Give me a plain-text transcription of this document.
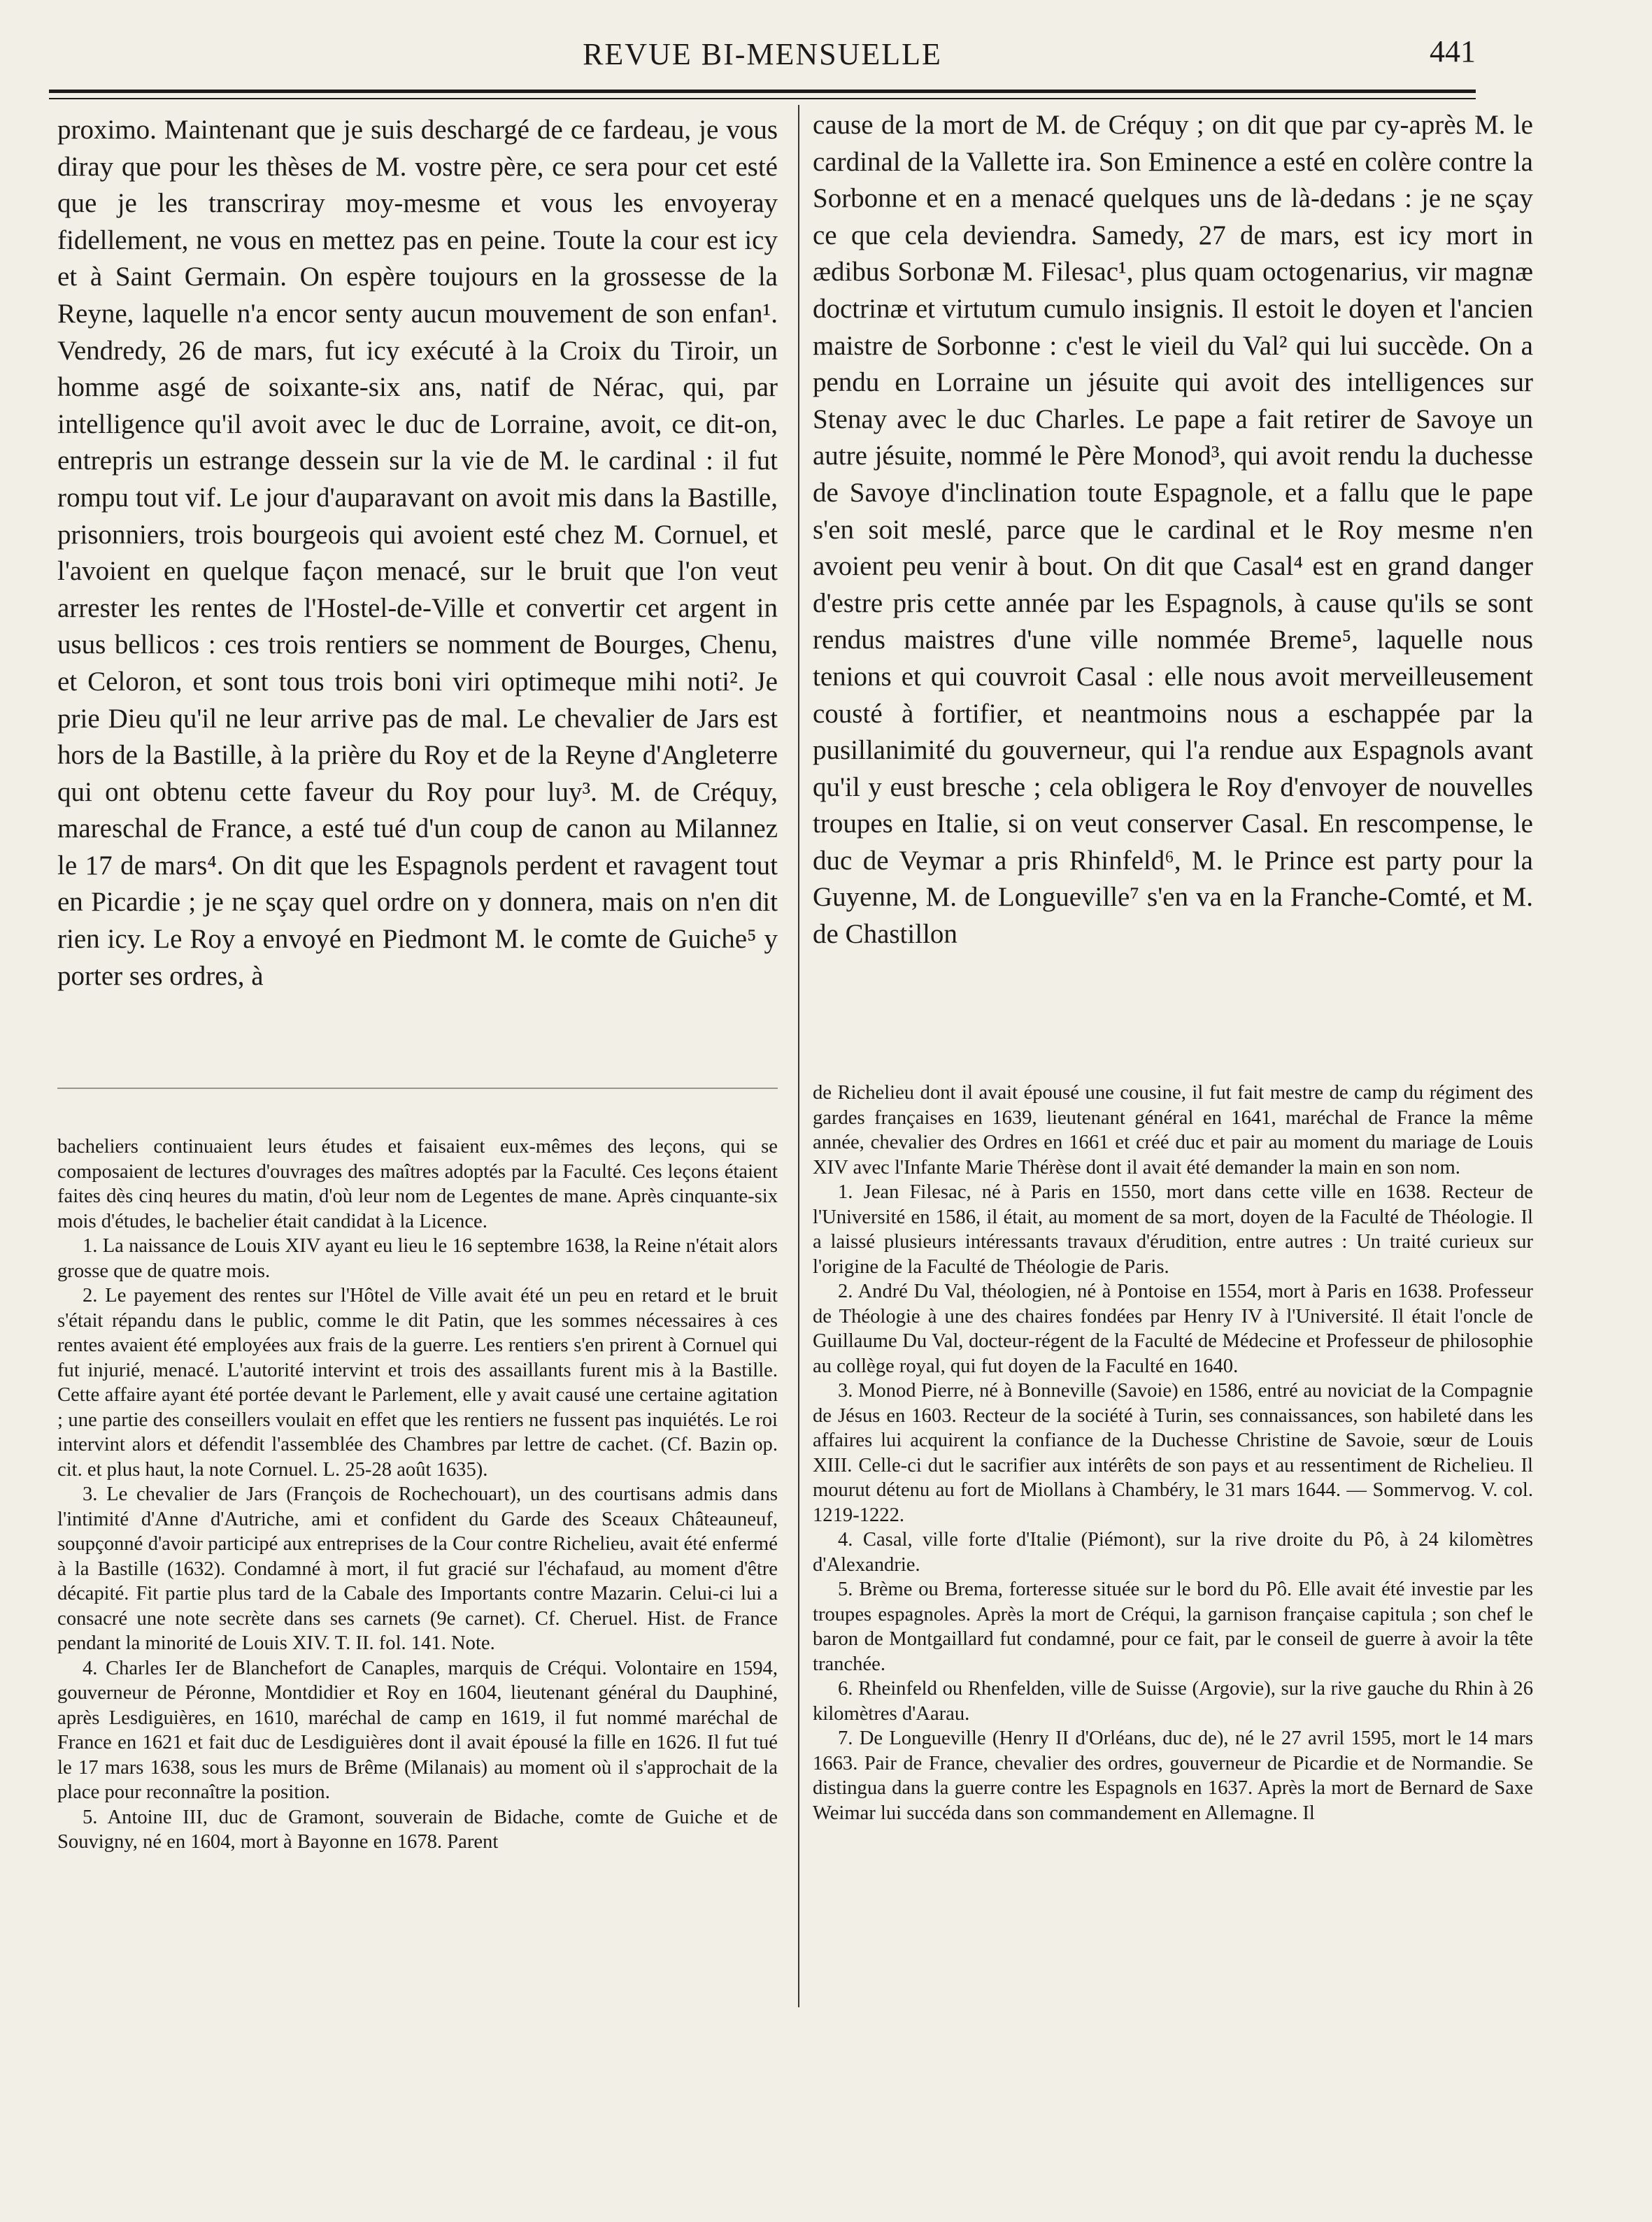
REVUE BI-MENSUELLE	441

proximo. Maintenant que je suis deschargé de ce fardeau, je vous diray que pour les thèses de M. vostre père, ce sera pour cet esté que je les transcriray moy-mesme et vous les envoyeray fidellement, ne vous en mettez pas en peine. Toute la cour est icy et à Saint Germain. On espère toujours en la grossesse de la Reyne, laquelle n'a encor senty aucun mouvement de son enfan¹. Vendredy, 26 de mars, fut icy exécuté à la Croix du Tiroir, un homme asgé de soixante-six ans, natif de Nérac, qui, par intelligence qu'il avoit avec le duc de Lorraine, avoit, ce dit-on, entrepris un estrange dessein sur la vie de M. le cardinal : il fut rompu tout vif. Le jour d'auparavant on avoit mis dans la Bastille, prisonniers, trois bourgeois qui avoient esté chez M. Cornuel, et l'avoient en quelque façon menacé, sur le bruit que l'on veut arrester les rentes de l'Hostel-de-Ville et convertir cet argent in usus bellicos : ces trois rentiers se nomment de Bourges, Chenu, et Celoron, et sont tous trois boni viri optimeque mihi noti². Je prie Dieu qu'il ne leur arrive pas de mal. Le chevalier de Jars est hors de la Bastille, à la prière du Roy et de la Reyne d'Angleterre qui ont obtenu cette faveur du Roy pour luy³. M. de Créquy, mareschal de France, a esté tué d'un coup de canon au Milannez le 17 de mars⁴. On dit que les Espagnols perdent et ravagent tout en Picardie ; je ne sçay quel ordre on y donnera, mais on n'en dit rien icy. Le Roy a envoyé en Piedmont M. le comte de Guiche⁵ y porter ses ordres, à

cause de la mort de M. de Créquy ; on dit que par cy-après M. le cardinal de la Vallette ira. Son Eminence a esté en colère contre la Sorbonne et en a menacé quelques uns de là-dedans : je ne sçay ce que cela deviendra. Samedy, 27 de mars, est icy mort in ædibus Sorbonæ M. Filesac¹, plus quam octogenarius, vir magnæ doctrinæ et virtutum cumulo insignis. Il estoit le doyen et l'ancien maistre de Sorbonne : c'est le vieil du Val² qui lui succède. On a pendu en Lorraine un jésuite qui avoit des intelligences sur Stenay avec le duc Charles. Le pape a fait retirer de Savoye un autre jésuite, nommé le Père Monod³, qui avoit rendu la duchesse de Savoye d'inclination toute Espagnole, et a fallu que le pape s'en soit meslé, parce que le cardinal et le Roy mesme n'en avoient peu venir à bout. On dit que Casal⁴ est en grand danger d'estre pris cette année par les Espagnols, à cause qu'ils se sont rendus maistres d'une ville nommée Breme⁵, laquelle nous tenions et qui couvroit Casal : elle nous avoit merveilleusement cousté à fortifier, et neantmoins nous a eschappée par la pusillanimité du gouverneur, qui l'a rendue aux Espagnols avant qu'il y eust bresche ; cela obligera le Roy d'envoyer de nouvelles troupes en Italie, si on veut conserver Casal. En rescompense, le duc de Veymar a pris Rhinfeld⁶, M. le Prince est party pour la Guyenne, M. de Longueville⁷ s'en va en la Franche-Comté, et M. de Chastillon

bacheliers continuaient leurs études et faisaient eux-mêmes des leçons, qui se composaient de lectures d'ouvrages des maîtres adoptés par la Faculté. Ces leçons étaient faites dès cinq heures du matin, d'où leur nom de Legentes de mane. Après cinquante-six mois d'études, le bachelier était candidat à la Licence.

1. La naissance de Louis XIV ayant eu lieu le 16 septembre 1638, la Reine n'était alors grosse que de quatre mois.

2. Le payement des rentes sur l'Hôtel de Ville avait été un peu en retard et le bruit s'était répandu dans le public, comme le dit Patin, que les sommes nécessaires à ces rentes avaient été employées aux frais de la guerre. Les rentiers s'en prirent à Cornuel qui fut injurié, menacé. L'autorité intervint et trois des assaillants furent mis à la Bastille. Cette affaire ayant été portée devant le Parlement, elle y avait causé une certaine agitation ; une partie des conseillers voulait en effet que les rentiers ne fussent pas inquiétés. Le roi intervint alors et défendit l'assemblée des Chambres par lettre de cachet. (Cf. Bazin op. cit. et plus haut, la note Cornuel. L. 25-28 août 1635).

3. Le chevalier de Jars (François de Rochechouart), un des courtisans admis dans l'intimité d'Anne d'Autriche, ami et confident du Garde des Sceaux Châteauneuf, soupçonné d'avoir participé aux entreprises de la Cour contre Richelieu, avait été enfermé à la Bastille (1632). Condamné à mort, il fut gracié sur l'échafaud, au moment d'être décapité. Fit partie plus tard de la Cabale des Importants contre Mazarin. Celui-ci lui a consacré une note secrète dans ses carnets (9e carnet). Cf. Cheruel. Hist. de France pendant la minorité de Louis XIV. T. II. fol. 141. Note.

4. Charles Ier de Blanchefort de Canaples, marquis de Créqui. Volontaire en 1594, gouverneur de Péronne, Montdidier et Roy en 1604, lieutenant général du Dauphiné, après Lesdiguières, en 1610, maréchal de camp en 1619, il fut nommé maréchal de France en 1621 et fait duc de Lesdiguières dont il avait épousé la fille en 1626. Il fut tué le 17 mars 1638, sous les murs de Brême (Milanais) au moment où il s'approchait de la place pour reconnaître la position.

5. Antoine III, duc de Gramont, souverain de Bidache, comte de Guiche et de Souvigny, né en 1604, mort à Bayonne en 1678. Parent

de Richelieu dont il avait épousé une cousine, il fut fait mestre de camp du régiment des gardes françaises en 1639, lieutenant général en 1641, maréchal de France la même année, chevalier des Ordres en 1661 et créé duc et pair au moment du mariage de Louis XIV avec l'Infante Marie Thérèse dont il avait été demander la main en son nom.

1. Jean Filesac, né à Paris en 1550, mort dans cette ville en 1638. Recteur de l'Université en 1586, il était, au moment de sa mort, doyen de la Faculté de Théologie. Il a laissé plusieurs intéressants travaux d'érudition, entre autres : Un traité curieux sur l'origine de la Faculté de Théologie de Paris.

2. André Du Val, théologien, né à Pontoise en 1554, mort à Paris en 1638. Professeur de Théologie à une des chaires fondées par Henry IV à l'Université. Il était l'oncle de Guillaume Du Val, docteur-régent de la Faculté de Médecine et Professeur de philosophie au collège royal, qui fut doyen de la Faculté en 1640.

3. Monod Pierre, né à Bonneville (Savoie) en 1586, entré au noviciat de la Compagnie de Jésus en 1603. Recteur de la société à Turin, ses connaissances, son habileté dans les affaires lui acquirent la confiance de la Duchesse Christine de Savoie, sœur de Louis XIII. Celle-ci dut le sacrifier aux intérêts de son pays et au ressentiment de Richelieu. Il mourut détenu au fort de Miollans à Chambéry, le 31 mars 1644. — Sommervog. V. col. 1219-1222.

4. Casal, ville forte d'Italie (Piémont), sur la rive droite du Pô, à 24 kilomètres d'Alexandrie.

5. Brème ou Brema, forteresse située sur le bord du Pô. Elle avait été investie par les troupes espagnoles. Après la mort de Créqui, la garnison française capitula ; son chef le baron de Montgaillard fut condamné, pour ce fait, par le conseil de guerre à avoir la tête tranchée.

6. Rheinfeld ou Rhenfelden, ville de Suisse (Argovie), sur la rive gauche du Rhin à 26 kilomètres d'Aarau.

7. De Longueville (Henry II d'Orléans, duc de), né le 27 avril 1595, mort le 14 mars 1663. Pair de France, chevalier des ordres, gouverneur de Picardie et de Normandie. Se distingua dans la guerre contre les Espagnols en 1637. Après la mort de Bernard de Saxe Weimar lui succéda dans son commandement en Allemagne. Il
